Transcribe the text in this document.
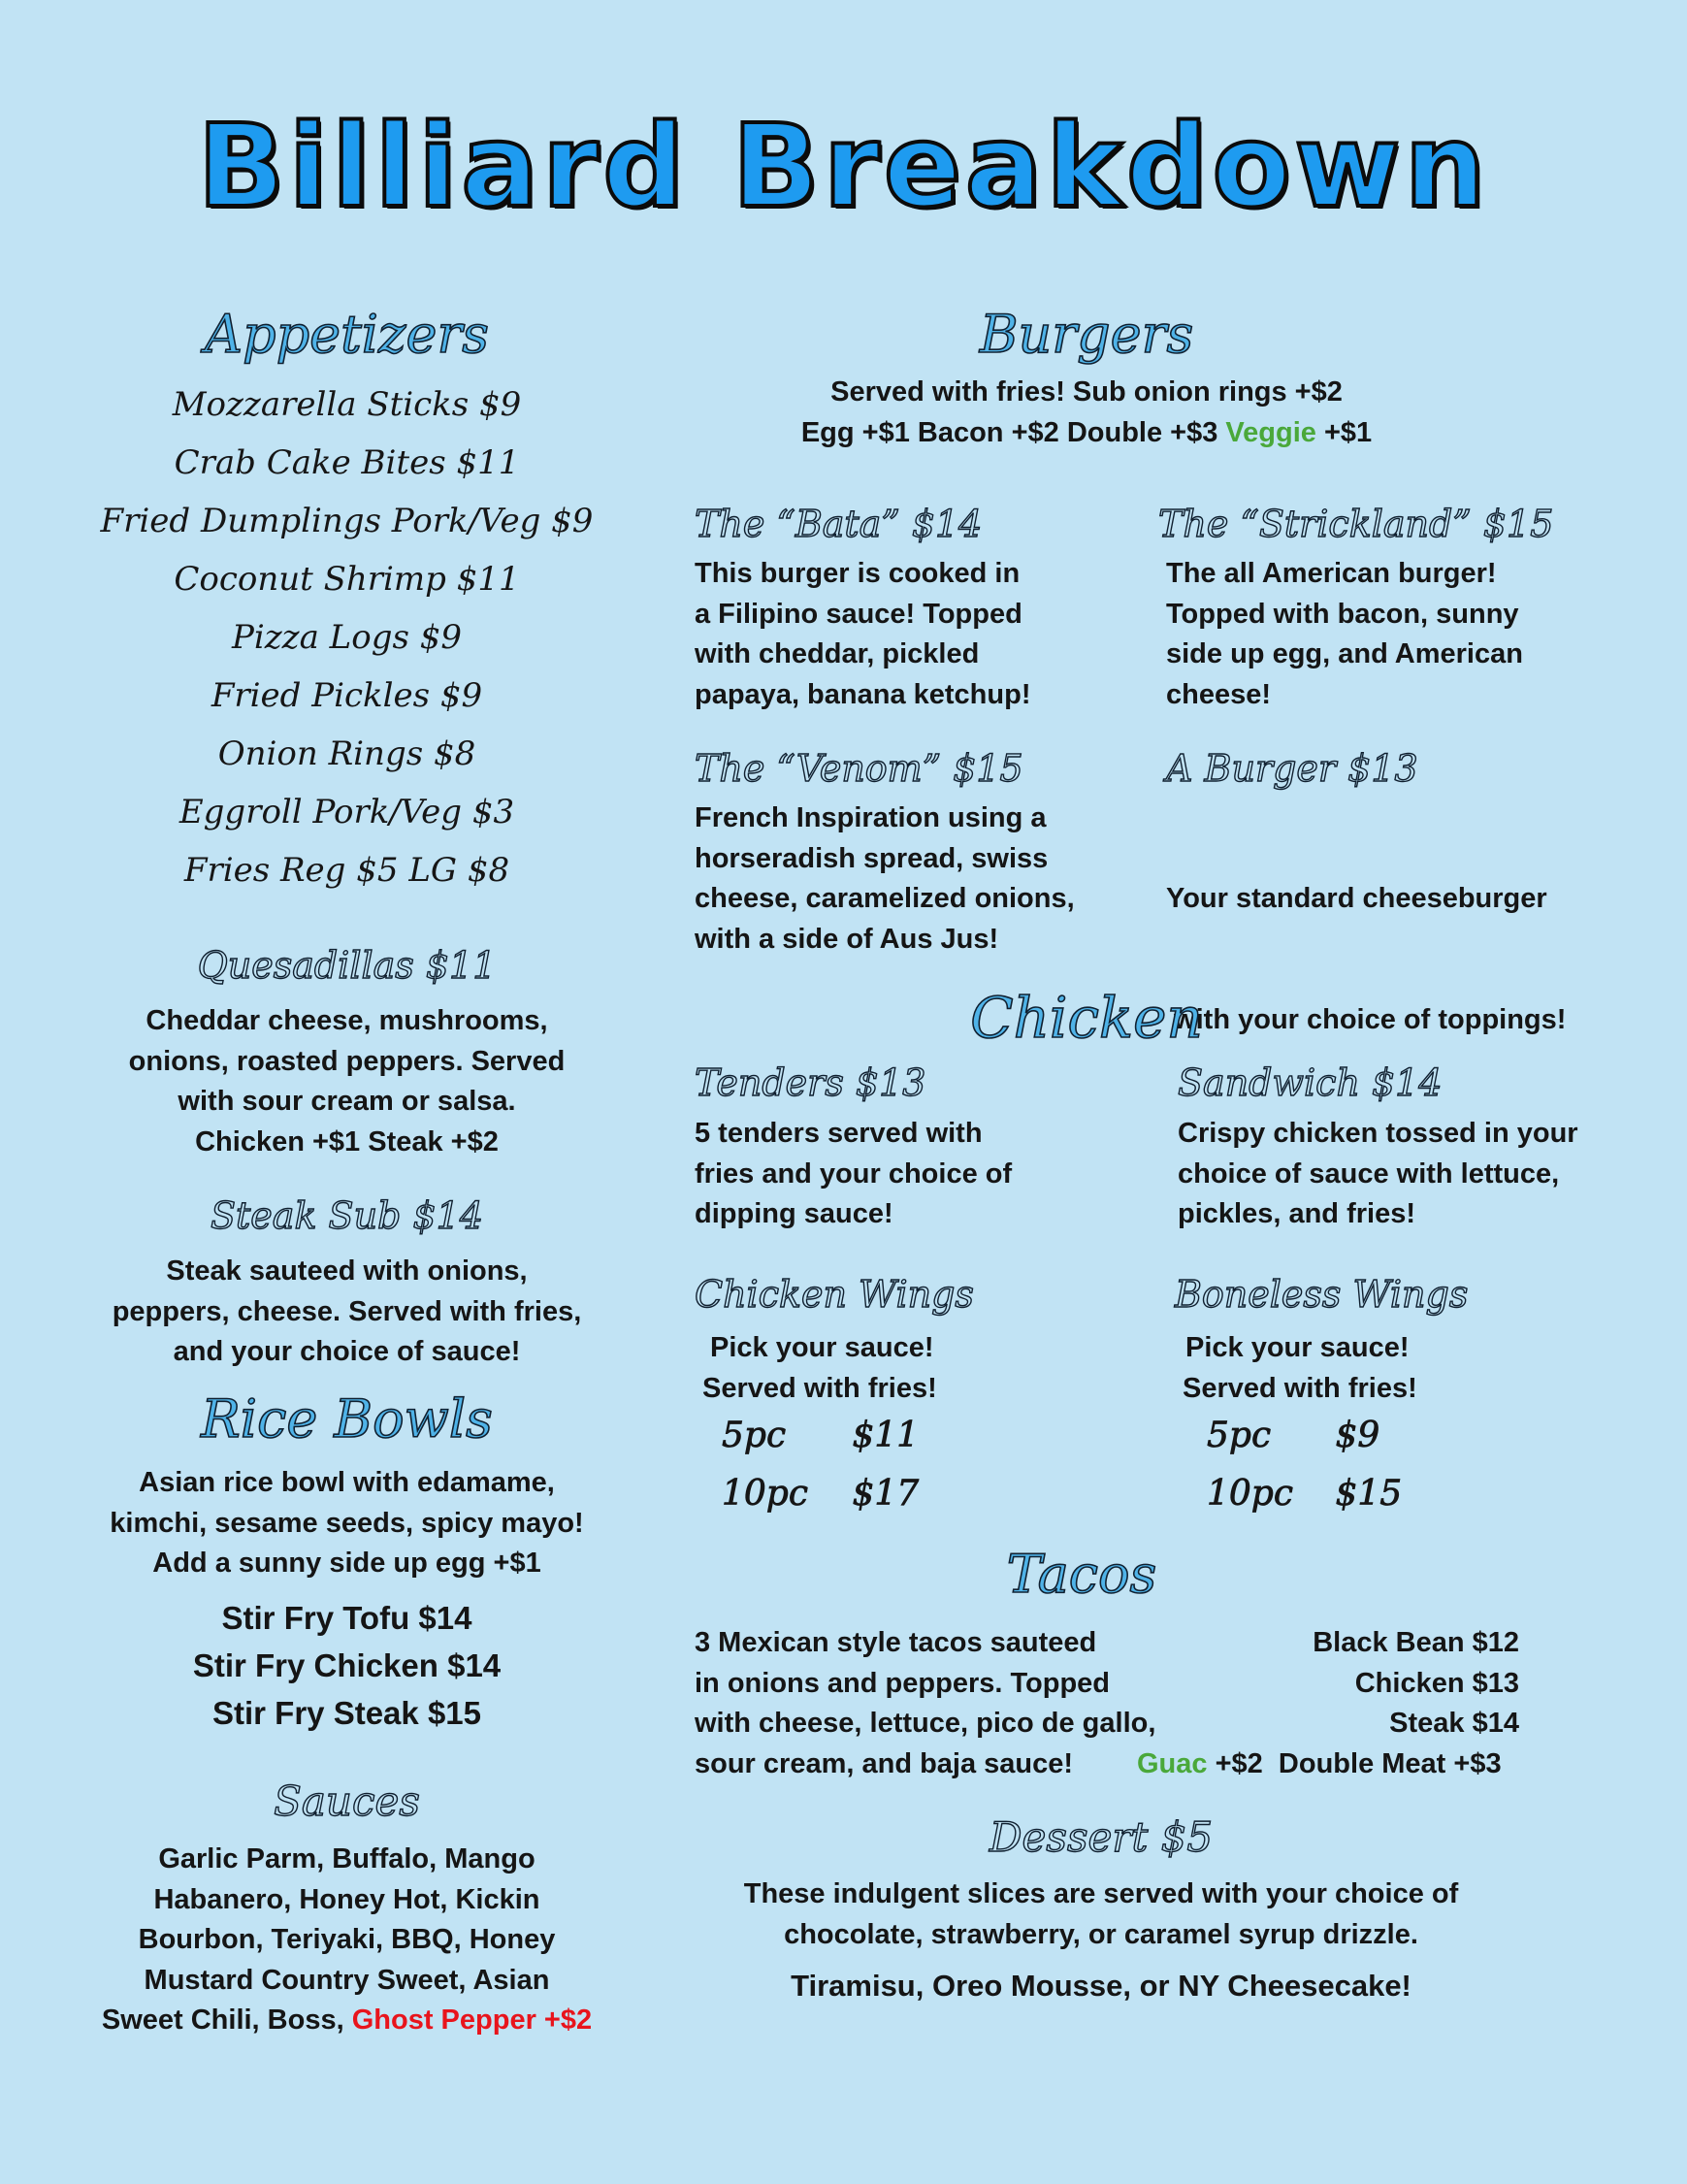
Billiard Breakdown
Appetizers
Mozzarella Sticks $9
Crab Cake Bites $11
Fried Dumplings Pork/Veg $9
Coconut Shrimp $11
Pizza Logs $9
Fried Pickles $9
Onion Rings $8
Eggroll Pork/Veg $3
Fries Reg $5 LG $8
Quesadillas $11
Cheddar cheese, mushrooms,
onions, roasted peppers. Served
with sour cream or salsa.
Chicken +$1 Steak +$2
Steak Sub $14
Steak sauteed with onions,
peppers, cheese. Served with fries,
and your choice of sauce!
Rice Bowls
Asian rice bowl with edamame,
kimchi, sesame seeds, spicy mayo!
Add a sunny side up egg +$1
Stir Fry Tofu $14
Stir Fry Chicken $14
Stir Fry Steak $15
Sauces
Garlic Parm, Buffalo, Mango
Habanero, Honey Hot, Kickin
Bourbon, Teriyaki, BBQ, Honey
Mustard Country Sweet, Asian
Sweet Chili, Boss, Ghost Pepper +$2
Burgers
Served with fries! Sub onion rings +$2
Egg +$1 Bacon +$2 Double +$3 Veggie +$1
The “Bata” $14
This burger is cooked in
a Filipino sauce! Topped
with cheddar, pickled
papaya, banana ketchup!
The “Strickland” $15
The all American burger!
Topped with bacon, sunny
side up egg, and American
cheese!
The “Venom” $15
French Inspiration using a
horseradish spread, swiss
cheese, caramelized onions,
with a side of Aus Jus!
A Burger $13

Your standard cheeseburger

with your choice of toppings!

Chicken
Tenders $13
5 tenders served with
fries and your choice of
dipping sauce!
Sandwich $14
Crispy chicken tossed in your
choice of sauce with lettuce,
pickles, and fries!
Chicken Wings
Pick your sauce!
Served with fries!
5pc $11
10pc $17
Boneless Wings
Pick your sauce!
Served with fries!
5pc $9
10pc $15
Tacos
3 Mexican style tacos sauteed
in onions and peppers. Topped
with cheese, lettuce, pico de gallo,
sour cream, and baja sauce!
Black Bean $12
Chicken $13
Steak $14
Guac +$2 Double Meat +$3
Dessert $5
These indulgent slices are served with your choice of
chocolate, strawberry, or caramel syrup drizzle.
Tiramisu, Oreo Mousse, or NY Cheesecake!
